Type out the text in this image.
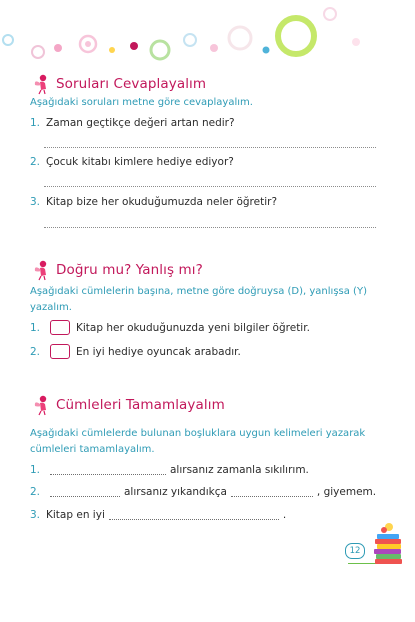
Soruları Cevaplayalım
Aşağıdaki soruları metne göre cevaplayalım.
1. Zaman geçtikçe değeri artan nedir?
2. Çocuk kitabı kimlere hediye ediyor?
3. Kitap bize her okuduğumuzda neler öğretir?
Doğru mu? Yanlış mı?
Aşağıdaki cümlelerin başına, metne göre doğruysa (D), yanlışsa (Y) yazalım.
1.	Kitap her okuduğunuzda yeni bilgiler öğretir.
2.	En iyi hediye oyuncak arabadır.
Cümleleri Tamamlayalım
Aşağıdaki cümlelerde bulunan boşluklara uygun kelimeleri yazarak cümleleri tamamlayalım.
1.	alırsanız zamanla sıkılırım.
2.	alırsanız yıkandıkça	, giyemem.
3. Kitap en iyi	.
12
